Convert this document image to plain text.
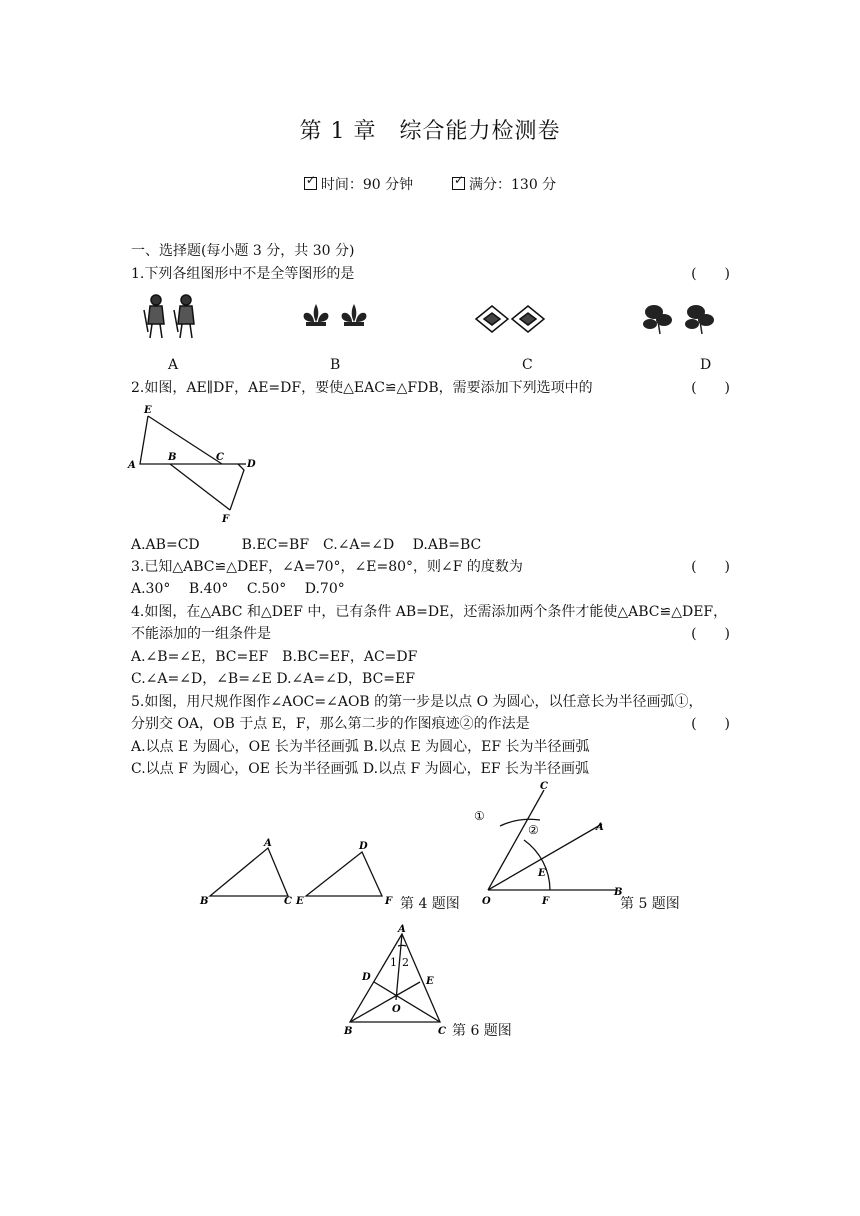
第 1 章　综合能力检测卷
✓时间：90 分钟  ✓	满分：130 分
一、选择题(每小题 3 分，共 30 分)
1.下列各组图形中不是全等图形的是	(　　)
A	B	C	D
2.如图，AE∥DF，AE=DF，要使△EAC≌△FDB，需要添加下列选项中的	(　　)
E
A
B	C
D
F
A.AB=CD　　　B.EC=BF　C.∠A=∠D　 D.AB=BC
3.已知△ABC≌△DEF，∠A=70°，∠E=80°，则∠F 的度数为	(　　)
A.30°　 B.40°　 C.50°　 D.70°
4.如图，在△ABC 和△DEF 中，已有条件 AB=DE，还需添加两个条件才能使△ABC≌△DEF，
不能添加的一组条件是	(　　)
A.∠B=∠E，BC=EF　B.BC=EF，AC=DF
C.∠A=∠D，∠B=∠E D.∠A=∠D，BC=EF
5.如图，用尺规作图作∠AOC=∠AOB 的第一步是以点 O 为圆心，以任意长为半径画弧①，
分别交 OA，OB 于点 E，F，那么第二步的作图痕迹②的作法是	(　　)
A.以点 E 为圆心，OE 长为半径画弧 B.以点 E 为圆心，EF 长为半径画弧
C.以点 F 为圆心，OE 长为半径画弧 D.以点 F 为圆心，EF 长为半径画弧
A
B	C E
D
F 第 4 题图
C
①
②	A
E
O	F
B
第 5 题图
A
1 2
D	E
O
B	C 第 6 题图
